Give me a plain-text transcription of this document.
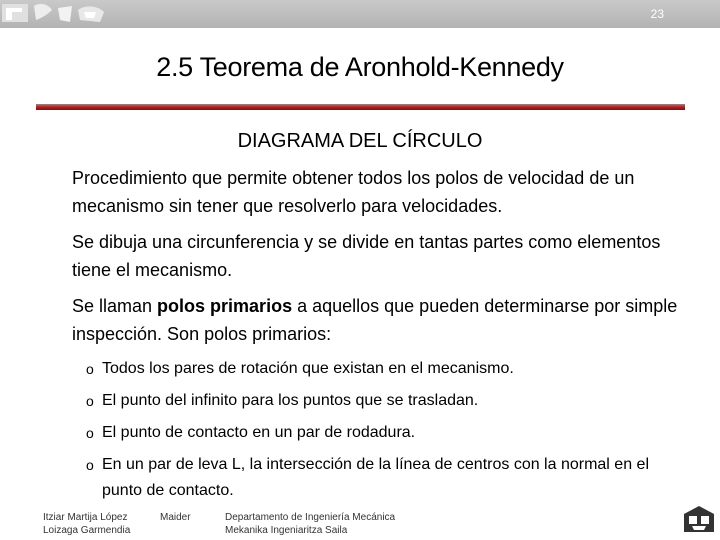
23
2.5 Teorema de Aronhold-Kennedy
DIAGRAMA DEL CÍRCULO
Procedimiento que permite obtener todos los polos de velocidad de un mecanismo sin tener que resolverlo para velocidades.
Se dibuja una circunferencia y se divide en tantas partes como elementos tiene el mecanismo.
Se llaman polos primarios a aquellos que pueden determinarse por simple inspección. Son polos primarios:
o Todos los pares de rotación que existan en el mecanismo.
o El punto del infinito para los puntos que se trasladan.
o El punto de contacto en un par de rodadura.
o En un par de leva L, la intersección de la línea de centros con la normal en el punto de contacto.
Itziar Martija López
Loizaga Garmendia
Maider	Departamento de Ingeniería Mecánica
Mekanika Ingeniaritza Saila
